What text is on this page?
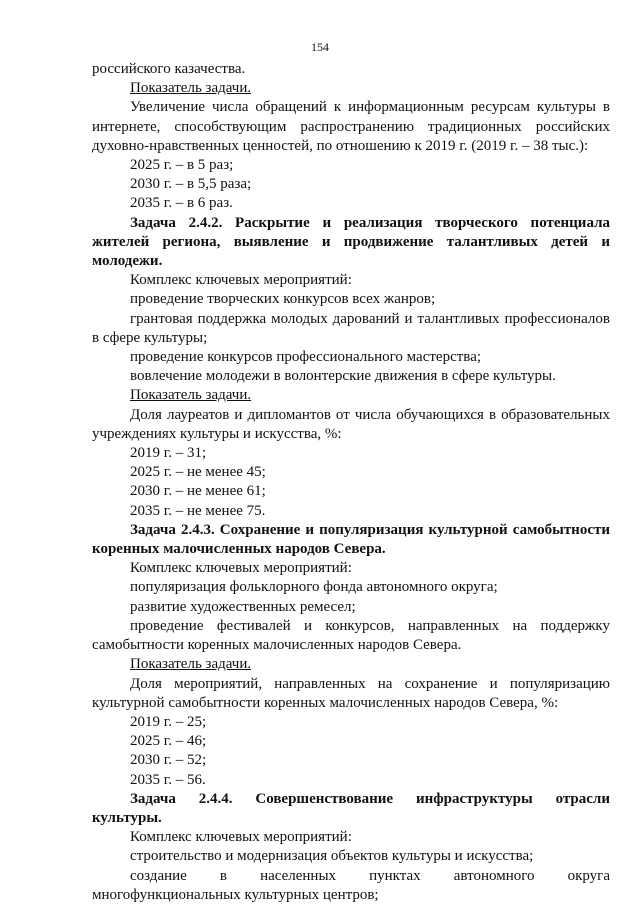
154

российского казачества.

Показатель задачи.

Увеличение числа обращений к информационным ресурсам культуры в интернете, способствующим распространению традиционных российских духовно-нравственных ценностей, по отношению к 2019 г. (2019 г. – 38 тыс.):

2025 г. – в 5 раз;

2030 г. – в 5,5 раза;

2035 г. – в 6 раз.

Задача 2.4.2. Раскрытие и реализация творческого потенциала жителей региона, выявление и продвижение талантливых детей и молодежи.

Комплекс ключевых мероприятий:

проведение творческих конкурсов всех жанров;

грантовая поддержка молодых дарований и талантливых профессионалов в сфере культуры;

проведение конкурсов профессионального мастерства;

вовлечение молодежи в волонтерские движения в сфере культуры.

Показатель задачи.

Доля лауреатов и дипломантов от числа обучающихся в образовательных учреждениях культуры и искусства, %:

2019 г. – 31;

2025 г. – не менее 45;

2030 г. – не менее 61;

2035 г. – не менее 75.

Задача 2.4.3. Сохранение и популяризация культурной самобытности коренных малочисленных народов Севера.

Комплекс ключевых мероприятий:

популяризация фольклорного фонда автономного округа;

развитие художественных ремесел;

проведение фестивалей и конкурсов, направленных на поддержку самобытности коренных малочисленных народов Севера.

Показатель задачи.

Доля мероприятий, направленных на сохранение и популяризацию культурной самобытности коренных малочисленных народов Севера, %:

2019 г. – 25;

2025 г. – 46;

2030 г. – 52;

2035 г. – 56.

Задача 2.4.4. Совершенствование инфраструктуры отрасли

культуры.

Комплекс ключевых мероприятий:

строительство и модернизация объектов культуры и искусства;

создание в населенных пунктах автономного округа

многофункциональных культурных центров;
